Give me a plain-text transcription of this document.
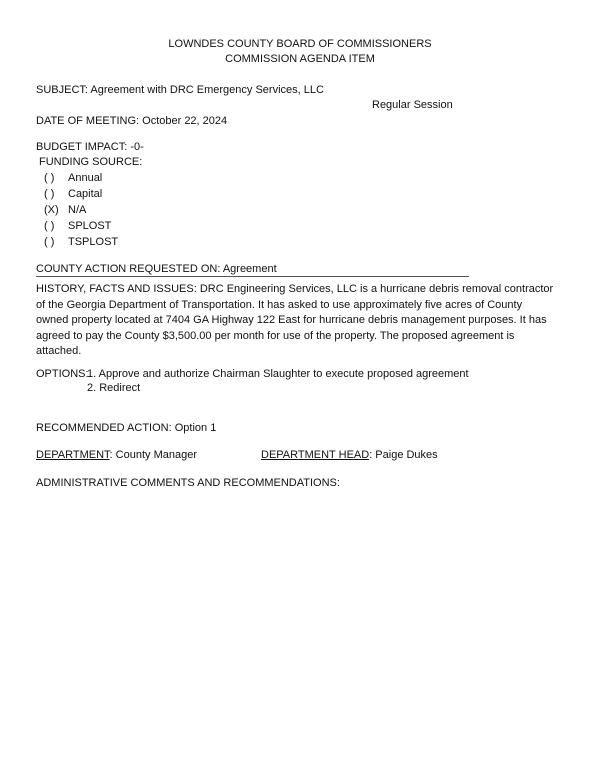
LOWNDES COUNTY BOARD OF COMMISSIONERS
COMMISSION AGENDA ITEM
SUBJECT: Agreement with DRC Emergency Services, LLC
Regular Session
DATE OF MEETING: October 22, 2024
BUDGET IMPACT: -0-
FUNDING SOURCE:
( ) Annual
( ) Capital
(X) N/A
( ) SPLOST
( ) TSPLOST
COUNTY ACTION REQUESTED ON: Agreement
HISTORY, FACTS AND ISSUES: DRC Engineering Services, LLC is a hurricane debris removal contractor of the Georgia Department of Transportation. It has asked to use approximately five acres of County owned property located at 7404 GA Highway 122 East for hurricane debris management purposes. It has agreed to pay the County $3,500.00 per month for use of the property. The proposed agreement is attached.
OPTIONS:
1. Approve and authorize Chairman Slaughter to execute proposed agreement
2. Redirect
RECOMMENDED ACTION: Option 1
DEPARTMENT: County Manager	DEPARTMENT HEAD: Paige Dukes
ADMINISTRATIVE COMMENTS AND RECOMMENDATIONS:
